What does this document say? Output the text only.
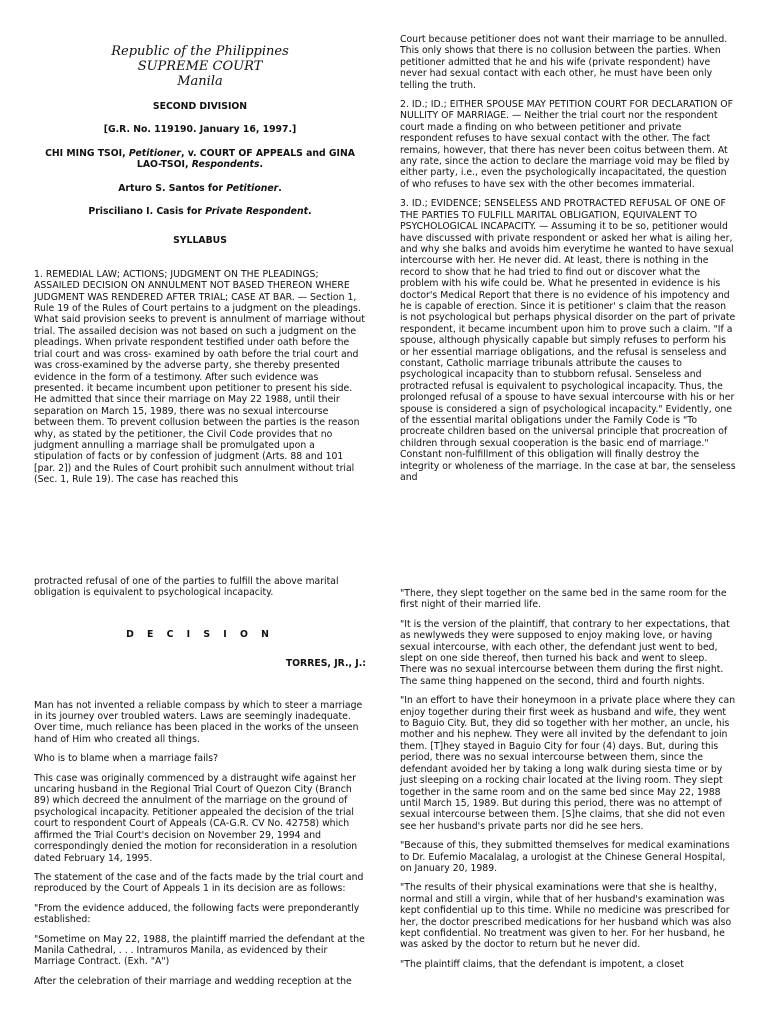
Republic of the Philippines
SUPREME COURT
Manila

SECOND DIVISION

[G.R. No. 119190. January 16, 1997.]

CHI MING TSOI, Petitioner, v. COURT OF APPEALS and GINA LAO-TSOI, Respondents.

Arturo S. Santos for Petitioner.

Prisciliano I. Casis for Private Respondent.

SYLLABUS

1. REMEDIAL LAW; ACTIONS; JUDGMENT ON THE PLEADINGS; ASSAILED DECISION ON ANNULMENT NOT BASED THEREON WHERE JUDGMENT WAS RENDERED AFTER TRIAL; CASE AT BAR. — Section 1, Rule 19 of the Rules of Court pertains to a judgment on the pleadings. What said provision seeks to prevent is annulment of marriage without trial. The assailed decision was not based on such a judgment on the pleadings. When private respondent testified under oath before the trial court and was cross- examined by oath before the trial court and was cross-examined by the adverse party, she thereby presented evidence in the form of a testimony. After such evidence was presented. it became incumbent upon petitioner to present his side. He admitted that since their marriage on May 22 1988, until their separation on March 15, 1989, there was no sexual intercourse between them. To prevent collusion between the parties is the reason why, as stated by the petitioner, the Civil Code provides that no judgment annulling a marriage shall be promulgated upon a stipulation of facts or by confession of judgment (Arts. 88 and 101 [par. 2]) and the Rules of Court prohibit such annulment without trial (Sec. 1, Rule 19). The case has reached this

Court because petitioner does not want their marriage to be annulled. This only shows that there is no collusion between the parties. When petitioner admitted that he and his wife (private respondent) have never had sexual contact with each other, he must have been only telling the truth.

2. ID.; ID.; EITHER SPOUSE MAY PETITION COURT FOR DECLARATION OF NULLITY OF MARRIAGE. — Neither the trial court nor the respondent court made a finding on who between petitioner and private respondent refuses to have sexual contact with the other. The fact remains, however, that there has never been coitus between them. At any rate, since the action to declare the marriage void may be filed by either party, i.e., even the psychologically incapacitated, the question of who refuses to have sex with the other becomes immaterial.

3. ID.; EVIDENCE; SENSELESS AND PROTRACTED REFUSAL OF ONE OF THE PARTIES TO FULFILL MARITAL OBLIGATION, EQUIVALENT TO PSYCHOLOGICAL INCAPACITY. — Assuming it to be so, petitioner would have discussed with private respondent or asked her what is ailing her, and why she balks and avoids him everytime he wanted to have sexual intercourse with her. He never did. At least, there is nothing in the record to show that he had tried to find out or discover what the problem with his wife could be. What he presented in evidence is his doctor's Medical Report that there is no evidence of his impotency and he is capable of erection. Since it is petitioner' s claim that the reason is not psychological but perhaps physical disorder on the part of private respondent, it became incumbent upon him to prove such a claim. "If a spouse, although physically capable but simply refuses to perform his or her essential marriage obligations, and the refusal is senseless and constant, Catholic marriage tribunals attribute the causes to psychological incapacity than to stubborn refusal. Senseless and protracted refusal is equivalent to psychological incapacity. Thus, the prolonged refusal of a spouse to have sexual intercourse with his or her spouse is considered a sign of psychological incapacity." Evidently, one of the essential marital obligations under the Family Code is "To procreate children based on the universal principle that procreation of children through sexual cooperation is the basic end of marriage." Constant non-fulfillment of this obligation will finally destroy the integrity or wholeness of the marriage. In the case at bar, the senseless and

protracted refusal of one of the parties to fulfill the above marital obligation is equivalent to psychological incapacity.

D E C I S I O N

TORRES, JR., J.:

Man has not invented a reliable compass by which to steer a marriage in its journey over troubled waters. Laws are seemingly inadequate. Over time, much reliance has been placed in the works of the unseen hand of Him who created all things.

Who is to blame when a marriage fails?

This case was originally commenced by a distraught wife against her uncaring husband in the Regional Trial Court of Quezon City (Branch 89) which decreed the annulment of the marriage on the ground of psychological incapacity. Petitioner appealed the decision of the trial court to respondent Court of Appeals (CA-G.R. CV No. 42758) which affirmed the Trial Court's decision on November 29, 1994 and correspondingly denied the motion for reconsideration in a resolution dated February 14, 1995.

The statement of the case and of the facts made by the trial court and reproduced by the Court of Appeals 1 in its decision are as follows:

"From the evidence adduced, the following facts were preponderantly established:

"Sometime on May 22, 1988, the plaintiff married the defendant at the Manila Cathedral, . . . Intramuros Manila, as evidenced by their Marriage Contract. (Exh. "A")

After the celebration of their marriage and wedding reception at the

"There, they slept together on the same bed in the same room for the first night of their married life.

"It is the version of the plaintiff, that contrary to her expectations, that as newlyweds they were supposed to enjoy making love, or having sexual intercourse, with each other, the defendant just went to bed, slept on one side thereof, then turned his back and went to sleep. There was no sexual intercourse between them during the first night. The same thing happened on the second, third and fourth nights.

"In an effort to have their honeymoon in a private place where they can enjoy together during their first week as husband and wife, they went to Baguio City. But, they did so together with her mother, an uncle, his mother and his nephew. They were all invited by the defendant to join them. [T]hey stayed in Baguio City for four (4) days. But, during this period, there was no sexual intercourse between them, since the defendant avoided her by taking a long walk during siesta time or by just sleeping on a rocking chair located at the living room. They slept together in the same room and on the same bed since May 22, 1988 until March 15, 1989. But during this period, there was no attempt of sexual intercourse between them. [S]he claims, that she did not even see her husband's private parts nor did he see hers.

"Because of this, they submitted themselves for medical examinations to Dr. Eufemio Macalalag, a urologist at the Chinese General Hospital, on January 20, 1989.

"The results of their physical examinations were that she is healthy, normal and still a virgin, while that of her husband's examination was kept confidential up to this time. While no medicine was prescribed for her, the doctor prescribed medications for her husband which was also kept confidential. No treatment was given to her. For her husband, he was asked by the doctor to return but he never did.

"The plaintiff claims, that the defendant is impotent, a closet
